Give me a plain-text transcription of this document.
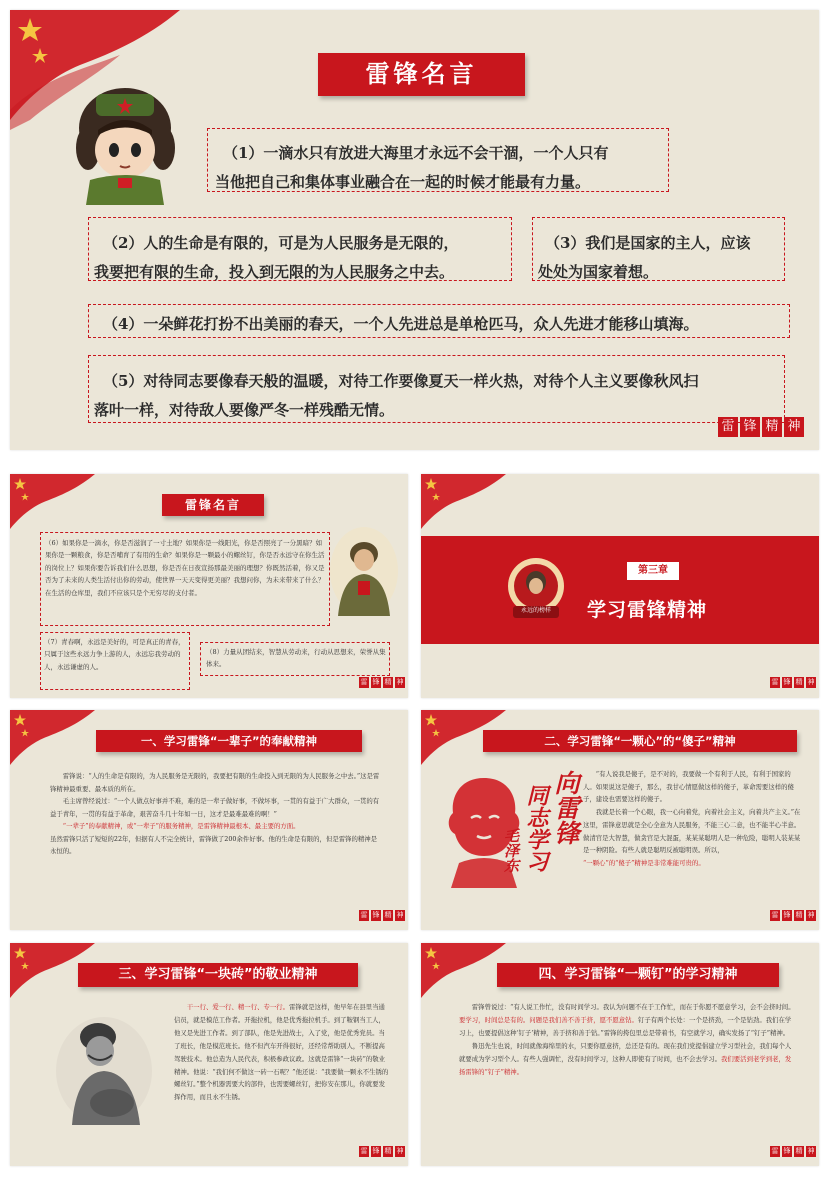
雷锋名言
（1）一滴水只有放进大海里才永远不会干涸，一个人只有
当他把自己和集体事业融合在一起的时候才能最有力量。
（2）人的生命是有限的，可是为人民服务是无限的，
我要把有限的生命，投入到无限的为人民服务之中去。
（3）我们是国家的主人，应该
处处为国家着想。
（4）一朵鲜花打扮不出美丽的春天，一个人先进总是单枪匹马，众人先进才能移山填海。
（5）对待同志要像春天般的温暖，对待工作要像夏天一样火热，对待个人主义要像秋风扫
落叶一样，对待敌人要像严冬一样残酷无情。
雷 锋 精 神
雷锋名言
（6）如果你是一滴水，你是否滋润了一寸土地？如果你是一线阳光，你是否照亮了一分黑暗？如果你是一颗粮食，你是否哺育了有用的生命？如果你是一颗最小的螺丝钉，你是否永远守在你生活的岗位上？如果你要告诉我们什么思想，你是否在日夜宣扬那最美丽的理想？你既然活着，你又是否为了未来的人类生活付出你的劳动，使世界一天天变得更美丽？我想问你，为未来带来了什么？在生活的仓库里，我们不应该只是个无穷尽的支付者。
（7）青春啊，永远是美好的，可是真正的青春，只属于这些永远力争上游的人，永远忘我劳动的人，永远谦虚的人。
（8）力量从团结来，智慧从劳动来，行动从思想来，荣誉从集体来。
雷 锋 精 神
永远的榜样
第三章
学习雷锋精神
雷 锋 精 神
一、学习雷锋“一辈子”的奉献精神

雷锋说：“人的生命是有限的，为人民服务是无限的，我要把有限的生命投入到无限的为人民服务之中去。”这是雷锋精神最重要、最本质的所在。

毛主席曾经说过：“一个人做点好事并不难，难的是一辈子做好事，不做坏事，一贯的有益于广大群众，一贯的有益于青年，一贯的有益于革命，艰苦奋斗几十年如一日，这才是最难最难的啊！”

“一辈子”的奉献精神，或“一辈子”的服务精神，是雷锋精神最根本、最主要的方面。

虽然雷锋只活了短短的22年，但据有人不完全统计，雷锋做了200余件好事。他的生命是有限的，但是雷锋的精神是永恒的。

雷 锋 精 神
二、学习雷锋“一颗心”的“傻子”精神
向雷锋
同志学习
毛泽东

“有人说我是傻子，是不对的，我要做一个有利于人民，有利于国家的人。如果说这是傻子，那么，我甘心情愿做这样的傻子，革命需要这样的傻子，建设也需要这样的傻子。

我就是长着一个心眼，我一心向着党，向着社会主义，向着共产主义。”在这里，雷锋意思就是全心全意为人民服务，不能三心二意，也不能半心半意。做清官是大智慧，做贪官是大混蛋，某某某聪明人是一种危险，聪明人装某某是一种阴险。有些人就是聪明反被聪明误。所以，

“一颗心”的“傻子”精神是非常难能可贵的。

雷 锋 精 神
三、学习雷锋“一块砖”的敬业精神

干一行、爱一行、精一行、专一行。雷锋就是这样，他早年在县里当通信员，就是模范工作者。开拖拉机，他是优秀拖拉机手。到了鞍钢当工人，他又是先进工作者。到了部队，他是先进战士，入了党，他是优秀党员。当了班长，他是模范班长。他不但汽车开得很好，还经常帮助别人，不断提高驾驶技术。他总造为人民代表，积极参政议政。这就是雷锋“一块砖”的敬业精神。他说：“我们何不做这一砖一石呢？”他还说：“我要做一颗永不生锈的螺丝钉。”整个机器需要大的部件，也需要螺丝钉，把你安在那儿，你就要发挥作用，而且永不生锈。

雷 锋 精 神
四、学习雷锋“一颗钉”的学习精神

雷锋曾说过：“有人说工作忙，没有时间学习。我认为问题不在于工作忙，而在于你愿不愿意学习，会不会挤时间。要学习，时间总是有的。问题是我们善不善于挤，愿不愿意钻。钉子有两个长处：一个是挤劲，一个是钻劲。我们在学习上，也要提倡这种‘钉子’精神，善于挤和善于钻。”雷锋的挎包里总是带着书，有空就学习，确实发扬了“钉子”精神。

鲁迅先生也说，时间就像海绵里的水，只要你愿意挤，总还是有的。现在我们党提倡建立学习型社会，我们每个人就要成为学习型个人。有些人强调忙，没有时间学习，这种人即使有了时间，也不会去学习。我们要活到老学到老，发扬雷锋的“钉子”精神。

雷 锋 精 神
